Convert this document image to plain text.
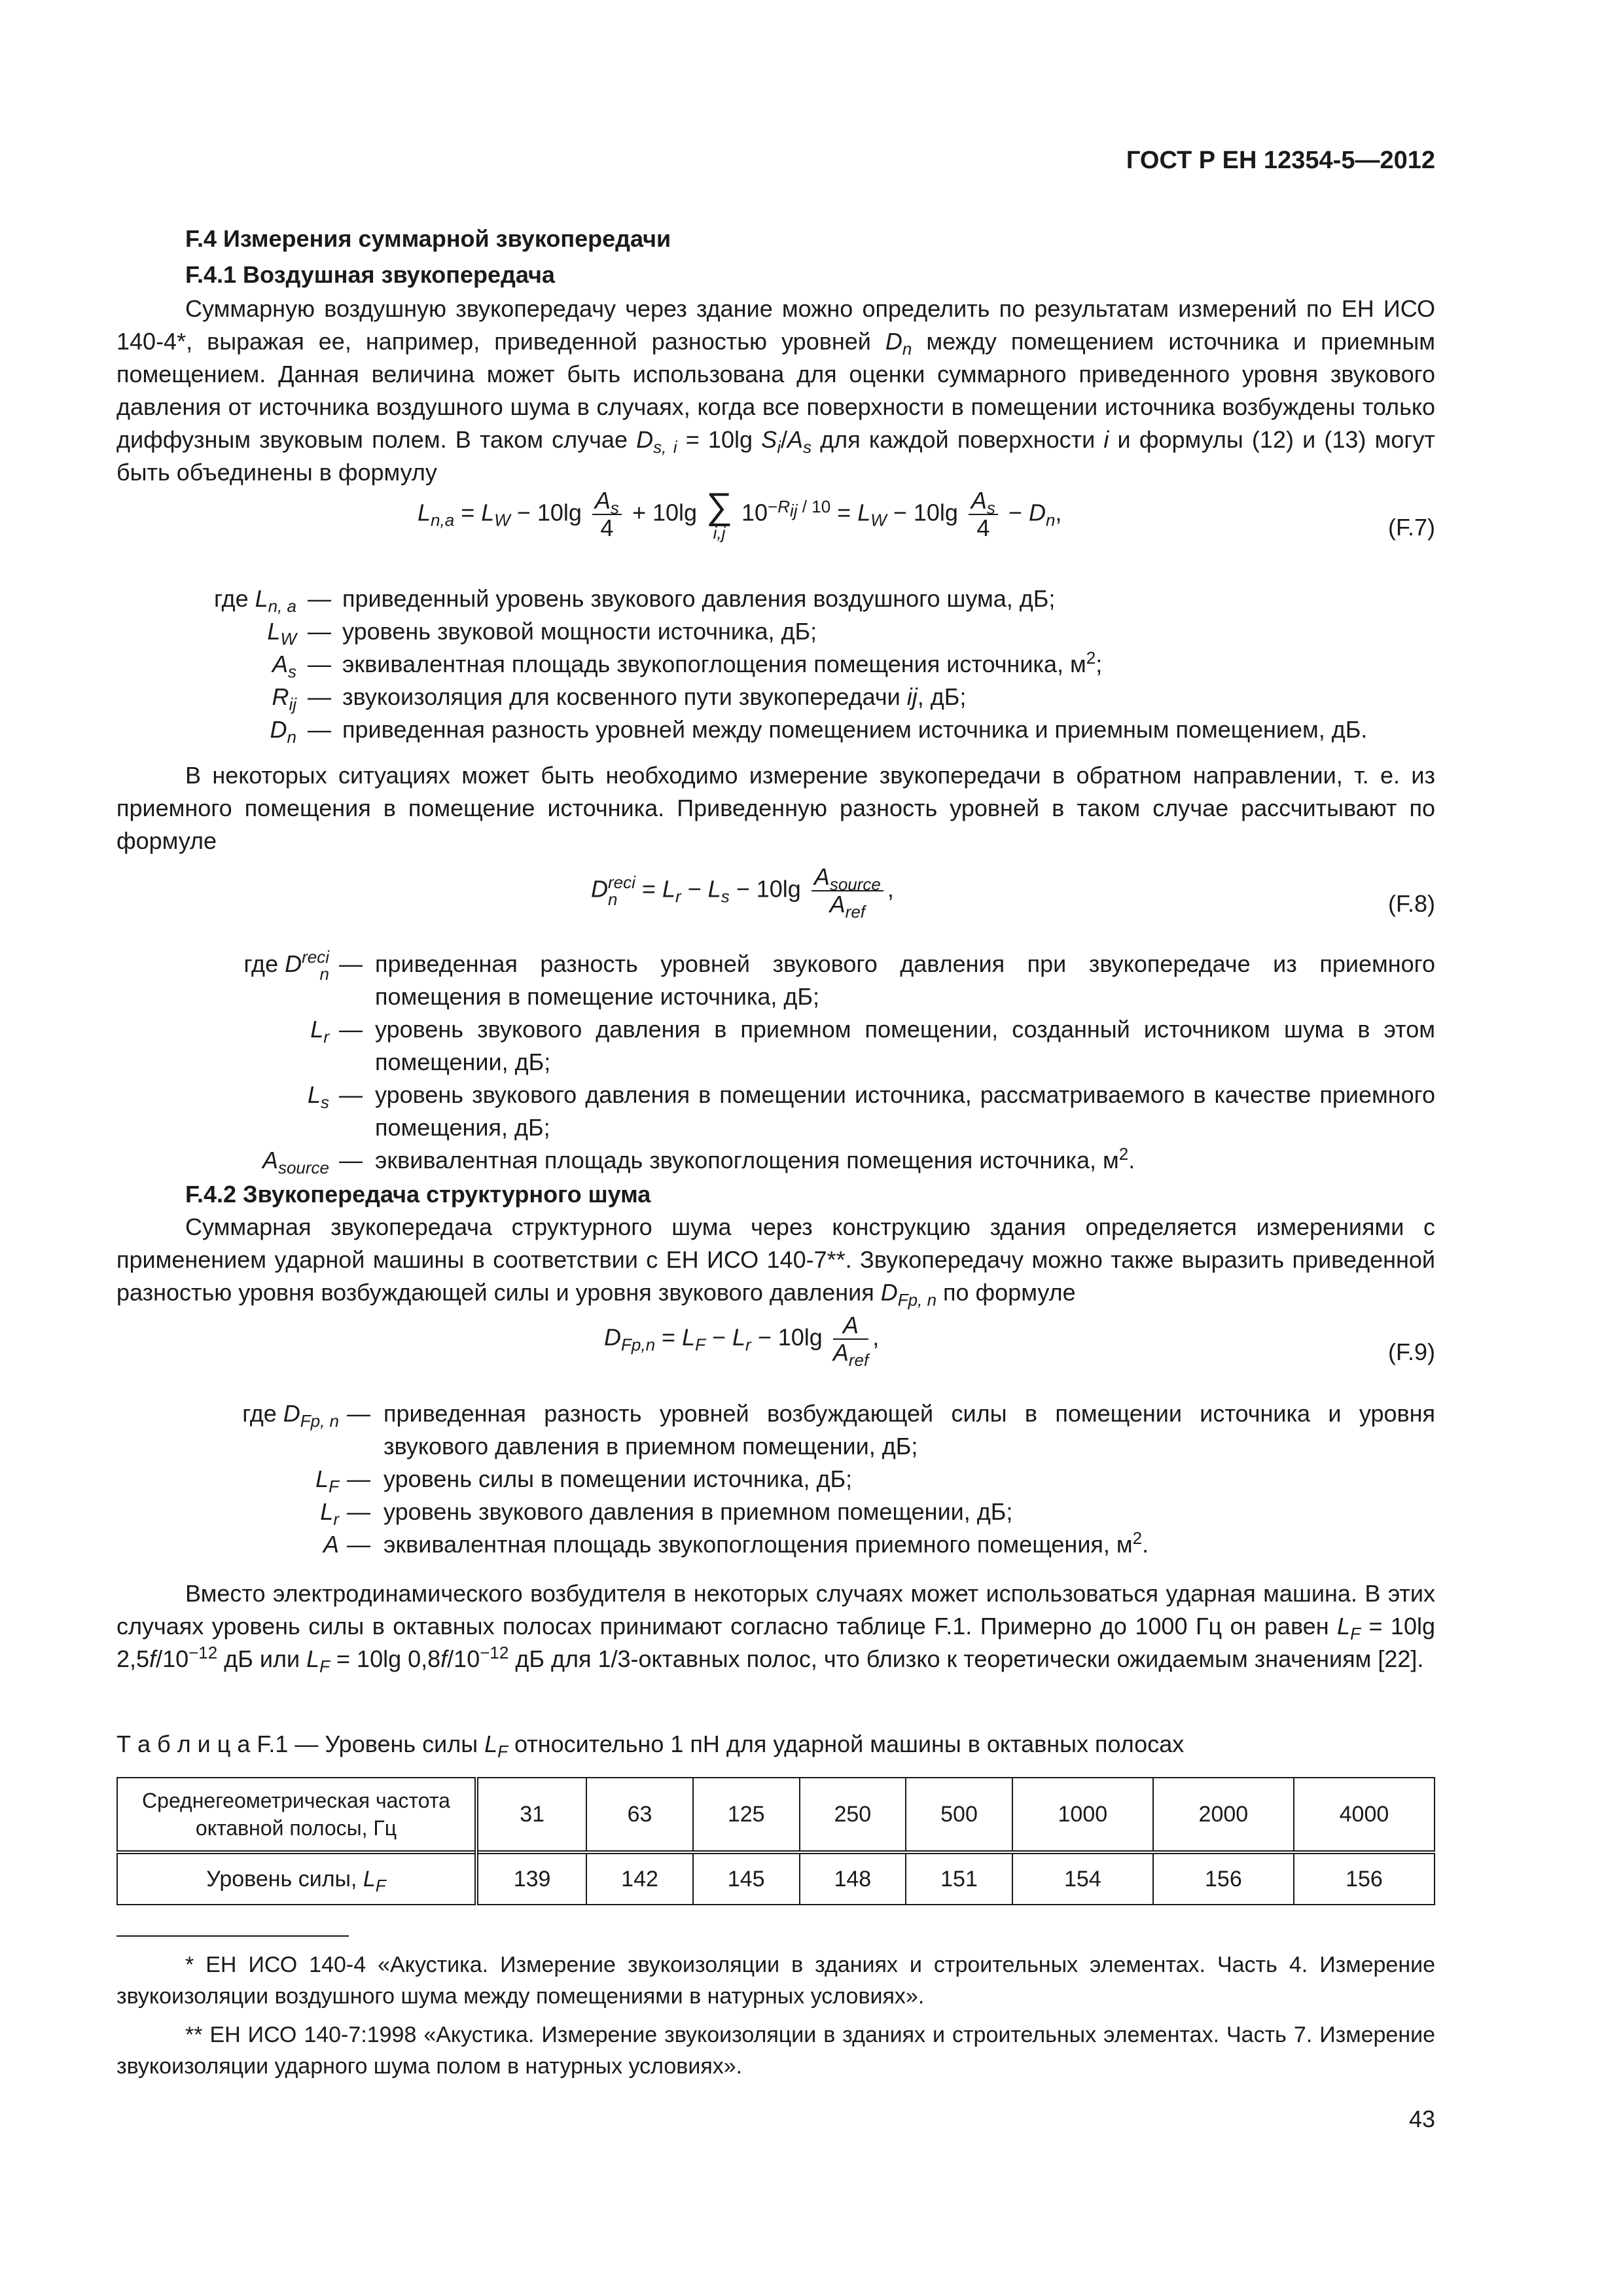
ГОСТ Р ЕН 12354-5—2012
F.4 Измерения суммарной звукопередачи
F.4.1 Воздушная звукопередача
Суммарную воздушную звукопередачу через здание можно определить по результатам измерений по ЕН ИСО 140-4*, выражая ее, например, приведенной разностью уровней $D_n$ между помещением источника и приемным помещением. Данная величина может быть использована для оценки суммарного приведенного уровня звукового давления от источника воздушного шума в случаях, когда все поверхности в помещении источника возбуждены только диффузным звуковым полем. В таком случае $D_{s, i} = 10\lg$ $S_i/A_s$ для каждой поверхности i и формулы (12) и (13) могут быть объединены в формулу
$L_{n,a} = L_W - 10\lg \frac{A_s}{4} + 10\lg$ ∑
i,j
$10^{-R_{ij} / 10} = L_W - 10\lg \frac{A_s}{4} - D_n$,
(F.7)
где $L_{n, a}$ — приведенный уровень звукового давления воздушного шума, дБ;
$L_W$ — уровень звуковой мощности источника, дБ;
$A_s$ — эквивалентная площадь звукопоглощения помещения источника, $м^2$;
$R_{ij}$ — звукоизоляция для косвенного пути звукопередачи ij, дБ;
$D_n$ — приведенная разность уровней между помещением источника и приемным помещением, дБ.
В некоторых ситуациях может быть необходимо измерение звукопередачи в обратном направлении, т. е. из приемного помещения в помещение источника. Приведенную разность уровней в таком случае рассчитывают по формуле
D reci
$n = L_r - L_s - 10\lg \frac{A_{source}}{A_{ref}}$ ,
(F.8)
где D reci
n — приведенная разность уровней звукового давления при звукопередаче из приемного помещения в помещение источника, дБ;
$L_r$ — уровень звукового давления в приемном помещении, созданный источником шума в этом помещении, дБ;
$L_s$ — уровень звукового давления в помещении источника, рассматриваемого в качестве приемного помещения, дБ;
$A_{source}$ — эквивалентная площадь звукопоглощения помещения источника, $м^2$.
F.4.2 Звукопередача структурного шума
Суммарная звукопередача структурного шума через конструкцию здания определяется измерениями с применением ударной машины в соответствии с ЕН ИСО 140-7**. Звукопередачу можно также выразить приведенной разностью уровня возбуждающей силы и уровня звукового давления $D_{Fp, n}$ по формуле
$D_{Fp,n} = L_F - L_r - 10\lg \frac{A}{A_{ref}}$ ,
(F.9)
где $D_{Fp, n}$ — приведенная разность уровней возбуждающей силы в помещении источника и уровня звукового давления в приемном помещении, дБ;
$L_F$ — уровень силы в помещении источника, дБ;
$L_r$ — уровень звукового давления в приемном помещении, дБ;
A — эквивалентная площадь звукопоглощения приемного помещения, $м^2$.
Вместо электродинамического возбудителя в некоторых случаях может использоваться ударная машина. В этих случаях уровень силы в октавных полосах принимают согласно таблице F.1. Примерно до 1000 Гц он равен $L_F = 10\lg$ $2,5f/10^{-12}$ дБ или $L_F = 10\lg$ $0,8f/10^{-12}$ дБ для 1/3-октавных полос, что близко к теоретически ожидаемым значениям [22].
Т а б л и ц а F.1 — Уровень силы $L_F$ относительно 1 пН для ударной машины в октавных полосах
Среднегеометрическая частота октавной полосы, Гц	31	63	125	250	500	1000	2000	4000
Уровень силы, $L_F$	139	142	145	148	151	154	156	156
* ЕН ИСО 140-4 «Акустика. Измерение звукоизоляции в зданиях и строительных элементах. Часть 4. Измерение звукоизоляции воздушного шума между помещениями в натурных условиях».
** ЕН ИСО 140-7:1998 «Акустика. Измерение звукоизоляции в зданиях и строительных элементах. Часть 7. Измерение звукоизоляции ударного шума полом в натурных условиях».
43
